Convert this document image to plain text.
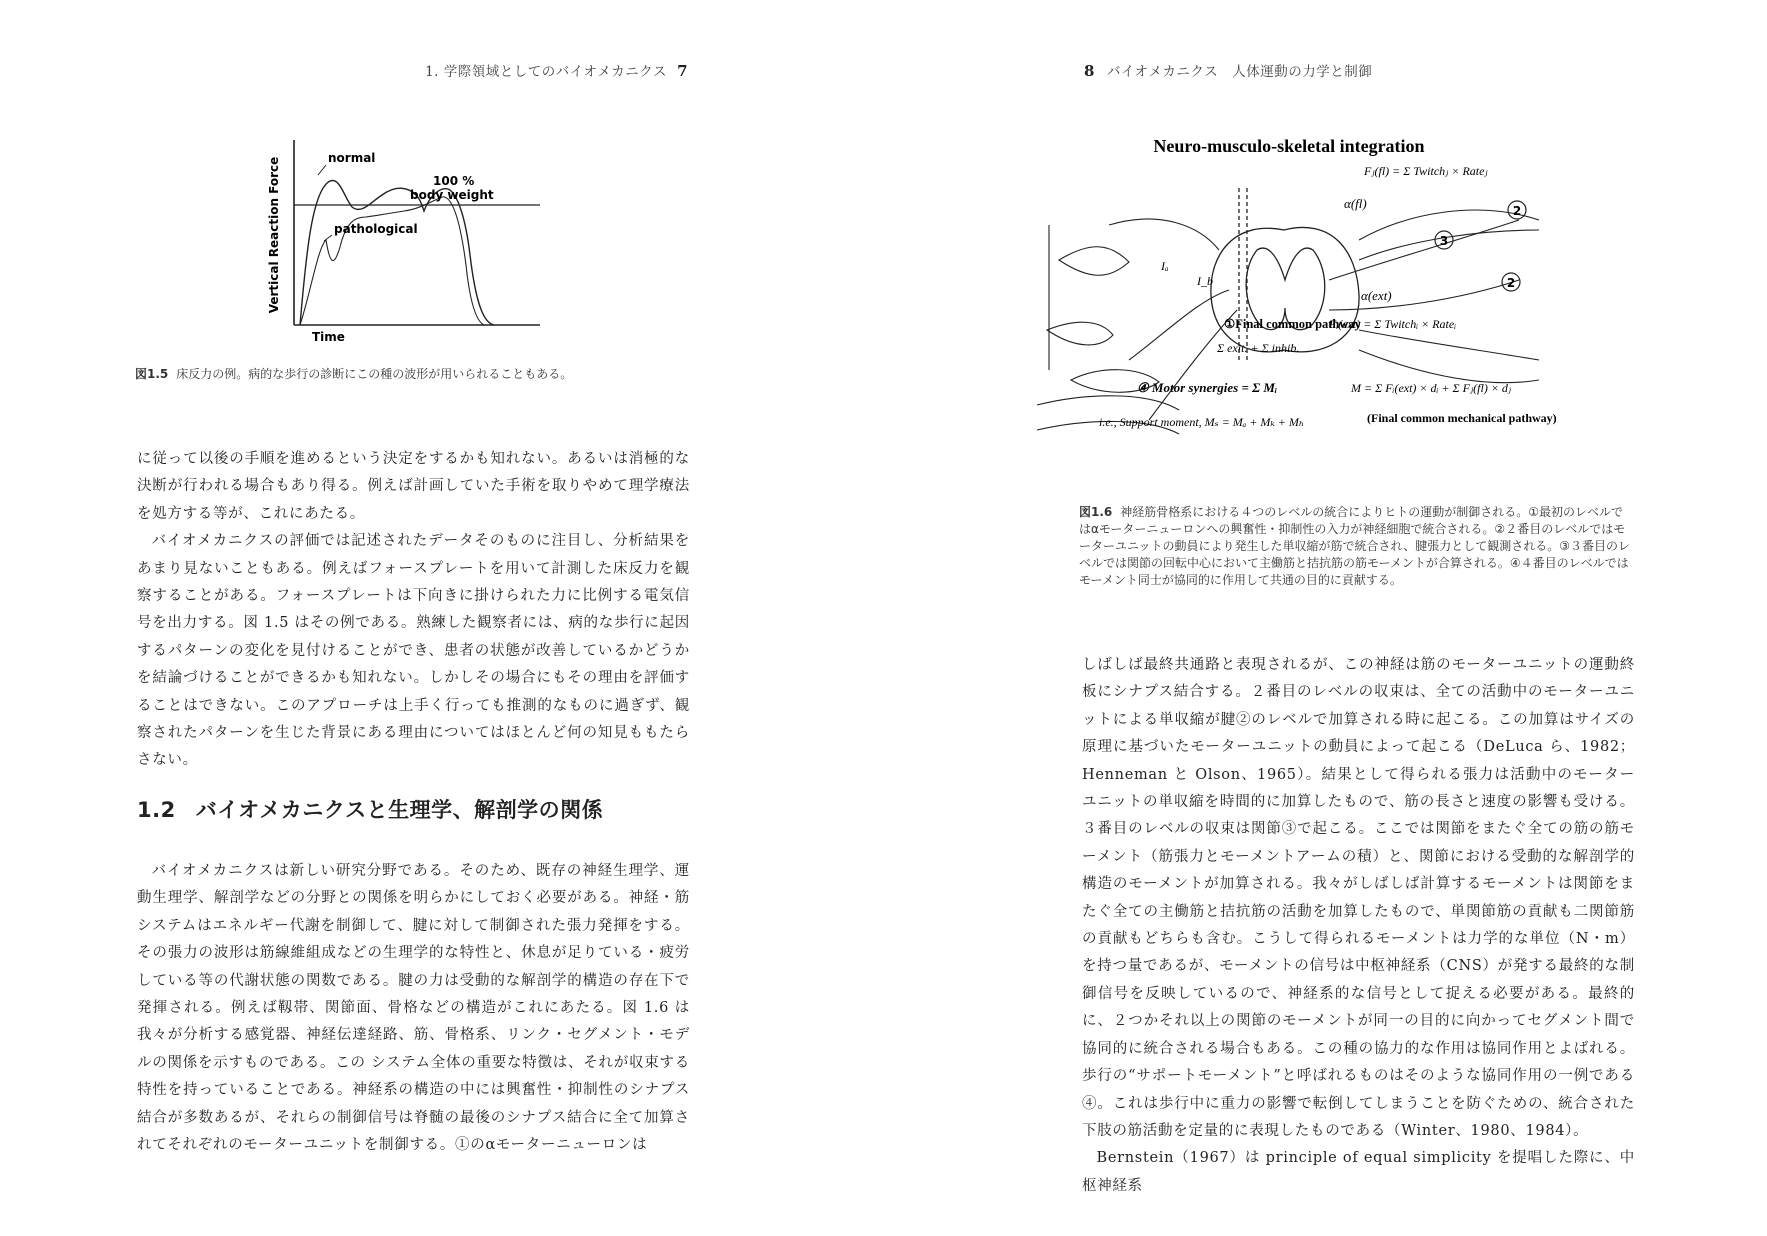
1. 学際領域としてのバイオメカニクス 7
Vertical Reaction Force
Time
normal
pathological
100 %
body weight
図1.5 床反力の例。病的な歩行の診断にこの種の波形が用いられることもある。

に従って以後の手順を進めるという決定をするかも知れない。あるいは消極的な決断が行われる場合もあり得る。例えば計画していた手術を取りやめて理学療法を処方する等が、これにあたる。

バイオメカニクスの評価では記述されたデータそのものに注目し、分析結果をあまり見ないこともある。例えばフォースプレートを用いて計測した床反力を観察することがある。フォースプレートは下向きに掛けられた力に比例する電気信号を出力する。図 1.5 はその例である。熟練した観察者には、病的な歩行に起因するパターンの変化を見付けることができ、患者の状態が改善しているかどうかを結論づけることができるかも知れない。しかしその場合にもその理由を評価することはできない。このアプローチは上手く行っても推測的なものに過ぎず、観察されたパターンを生じた背景にある理由についてはほとんど何の知見ももたらさない。

1.2 バイオメカニクスと生理学、解剖学の関係

バイオメカニクスは新しい研究分野である。そのため、既存の神経生理学、運動生理学、解剖学などの分野との関係を明らかにしておく必要がある。神経・筋システムはエネルギー代謝を制御して、腱に対して制御された張力発揮をする。その張力の波形は筋線維組成などの生理学的な特性と、休息が足りている・疲労している等の代謝状態の関数である。腱の力は受動的な解剖学的構造の存在下で発揮される。例えば靱帯、関節面、骨格などの構造がこれにあたる。図 1.6 は我々が分析する感覚器、神経伝達経路、筋、骨格系、リンク・セグメント・モデルの関係を示すものである。この システム全体の重要な特徴は、それが収束する特性を持っていることである。神経系の構造の中には興奮性・抑制性のシナプス結合が多数あるが、それらの制御信号は脊髄の最後のシナプス結合に全て加算されてそれぞれのモーターユニットを制御する。①のαモーターニューロンは

8 バイオメカニクス　人体運動の力学と制御
Neuro-musculo-skeletal integration
2
3
2
α(fl)
α(ext)
Iₐ
I_b
Fⱼ(fl) = Σ Twitchⱼ × Rateⱼ
Fᵢ(ext) = Σ Twitchᵢ × Rateᵢ
①Final common pathway
Σ exit. + Σ inhib.
④ Motor synergies = Σ Mᵢ	M = Σ Fᵢ(ext) × dᵢ + Σ Fⱼ(fl) × dⱼ
i.e., Support moment, Mₛ = Mₐ + Mₖ + Mₕ	(Final common mechanical pathway)
図1.6 神経筋骨格系における４つのレベルの統合によりヒトの運動が制御される。①最初のレベルではαモーターニューロンへの興奮性・抑制性の入力が神経細胞で統合される。②２番目のレベルではモーターユニットの動員により発生した単収縮が筋で統合され、腱張力として観測される。③３番目のレベルでは関節の回転中心において主働筋と拮抗筋の筋モーメントが合算される。④４番目のレベルではモーメント同士が協同的に作用して共通の目的に貢献する。

しばしば最終共通路と表現されるが、この神経は筋のモーターユニットの運動終板にシナプス結合する。２番目のレベルの収束は、全ての活動中のモーターユニットによる単収縮が腱②のレベルで加算される時に起こる。この加算はサイズの原理に基づいたモーターユニットの動員によって起こる（DeLuca ら、1982；Henneman と Olson、1965）。結果として得られる張力は活動中のモーターユニットの単収縮を時間的に加算したもので、筋の長さと速度の影響も受ける。３番目のレベルの収束は関節③で起こる。ここでは関節をまたぐ全ての筋の筋モーメント（筋張力とモーメントアームの積）と、関節における受動的な解剖学的構造のモーメントが加算される。我々がしばしば計算するモーメントは関節をまたぐ全ての主働筋と拮抗筋の活動を加算したもので、単関節筋の貢献も二関節筋の貢献もどちらも含む。こうして得られるモーメントは力学的な単位（N・m）を持つ量であるが、モーメントの信号は中枢神経系（CNS）が発する最終的な制御信号を反映しているので、神経系的な信号として捉える必要がある。最終的に、２つかそれ以上の関節のモーメントが同一の目的に向かってセグメント間で協同的に統合される場合もある。この種の協力的な作用は協同作用とよばれる。歩行の“サポートモーメント”と呼ばれるものはそのような協同作用の一例である④。これは歩行中に重力の影響で転倒してしまうことを防ぐための、統合された下肢の筋活動を定量的に表現したものである（Winter、1980、1984）。

Bernstein（1967）は principle of equal simplicity を提唱した際に、中枢神経系
